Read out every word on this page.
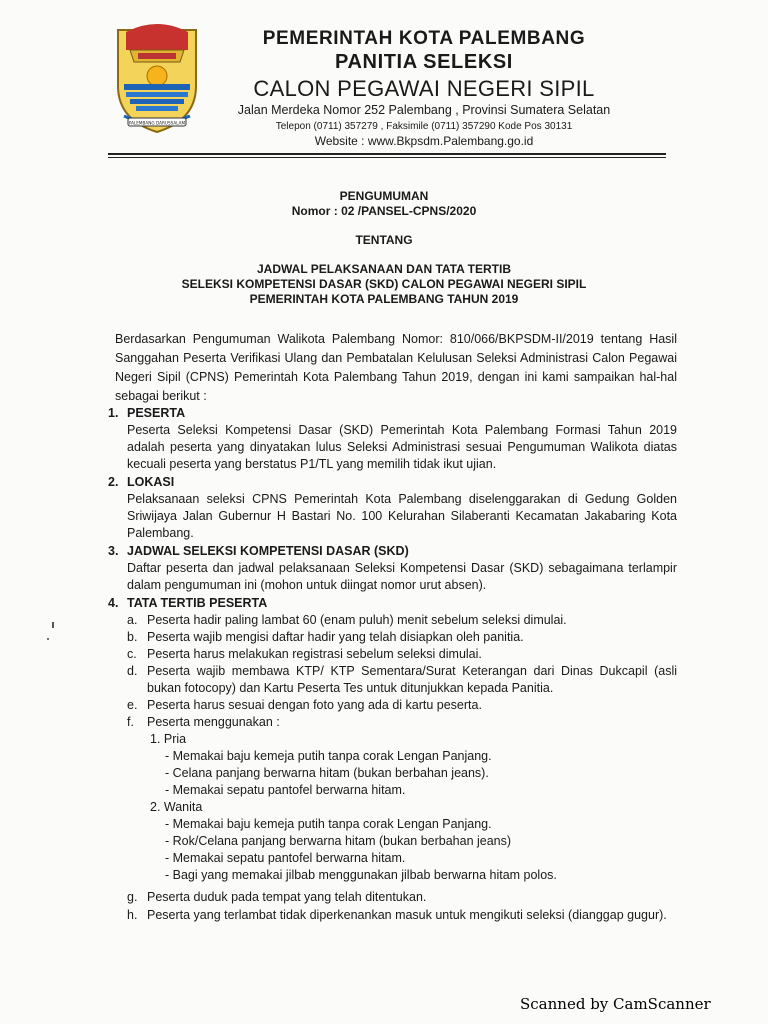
PALEMBANG DARUSSALAM
PEMERINTAH KOTA PALEMBANG
PANITIA SELEKSI
CALON PEGAWAI NEGERI SIPIL
Jalan Merdeka Nomor 252 Palembang , Provinsi Sumatera Selatan
Telepon (0711) 357279 , Faksimile (0711) 357290 Kode Pos 30131
Website : www.Bkpsdm.Palembang.go.id
PENGUMUMAN
Nomor : 02 /PANSEL-CPNS/2020
TENTANG
JADWAL PELAKSANAAN DAN TATA TERTIB
SELEKSI KOMPETENSI DASAR (SKD) CALON PEGAWAI NEGERI SIPIL
PEMERINTAH KOTA PALEMBANG TAHUN 2019
Berdasarkan Pengumuman Walikota Palembang Nomor: 810/066/BKPSDM-II/2019 tentang Hasil Sanggahan Peserta Verifikasi Ulang dan Pembatalan Kelulusan Seleksi Administrasi Calon Pegawai Negeri Sipil (CPNS) Pemerintah Kota Palembang Tahun 2019, dengan ini kami sampaikan hal-hal sebagai berikut :
1. PESERTA
Peserta Seleksi Kompetensi Dasar (SKD) Pemerintah Kota Palembang Formasi Tahun 2019 adalah peserta yang dinyatakan lulus Seleksi Administrasi sesuai Pengumuman Walikota diatas kecuali peserta yang berstatus P1/TL yang memilih tidak ikut ujian.
2. LOKASI
Pelaksanaan seleksi CPNS Pemerintah Kota Palembang diselenggarakan di Gedung Golden Sriwijaya Jalan Gubernur H Bastari No. 100 Kelurahan Silaberanti Kecamatan Jakabaring Kota Palembang.
3. JADWAL SELEKSI KOMPETENSI DASAR (SKD)
Daftar peserta dan jadwal pelaksanaan Seleksi Kompetensi Dasar (SKD) sebagaimana terlampir dalam pengumuman ini (mohon untuk diingat nomor urut absen).
4. TATA TERTIB PESERTA
a. Peserta hadir paling lambat 60 (enam puluh) menit sebelum seleksi dimulai.
b. Peserta wajib mengisi daftar hadir yang telah disiapkan oleh panitia.
c. Peserta harus melakukan registrasi sebelum seleksi dimulai.
d. Peserta wajib membawa KTP/ KTP Sementara/Surat Keterangan dari Dinas Dukcapil (asli bukan fotocopy) dan Kartu Peserta Tes untuk ditunjukkan kepada Panitia.
e. Peserta harus sesuai dengan foto yang ada di kartu peserta.
f. Peserta menggunakan :
1. Pria
- Memakai baju kemeja putih tanpa corak Lengan Panjang.
- Celana panjang berwarna hitam (bukan berbahan jeans).
- Memakai sepatu pantofel berwarna hitam.
2. Wanita
- Memakai baju kemeja putih tanpa corak Lengan Panjang.
- Rok/Celana panjang berwarna hitam (bukan berbahan jeans)
- Memakai sepatu pantofel berwarna hitam.
- Bagi yang memakai jilbab menggunakan jilbab berwarna hitam polos.
g. Peserta duduk pada tempat yang telah ditentukan.
h. Peserta yang terlambat tidak diperkenankan masuk untuk mengikuti seleksi (dianggap gugur).
Scanned by CamScanner
